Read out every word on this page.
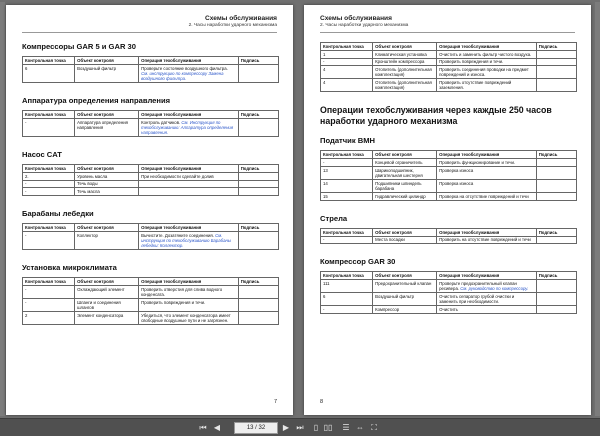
Схемы обслуживания
2. Часы наработки ударного механизма
Компрессоры GAR 5 и GAR 30
Контрольная точка	Объект контроля	Операция техобслуживания	Подпись
6	Воздушный фильтр	Проверьте состояние воздушного фильтра. См. инструкцию по компрессору Замена воздушного фильтра.	
Аппаратура определения направления
Контрольная точка	Объект контроля	Операция техобслуживания	Подпись
-	Аппаратура определения направления	Контроль датчиков. См. Инструкция по техобслуживанию: Аппаратура определения направления.	
Насос CAT
Контрольная точка	Объект контроля	Операция техобслуживания	Подпись
2.	Уровень масла	При необходимости сделайте долив	
-	Течь воды		
-	Течь масла		
Барабаны лебедки
Контрольная точка	Объект контроля	Операция техобслуживания	Подпись
-	Коллектор	Вычистите. Дозатяните соединения. См. инструкция по техобслуживанию Барабаны лебедки: Коллектор.	
Установка микроклимата
Контрольная точка	Объект контроля	Операция техобслуживания	Подпись
-	Охлаждающий элемент	Проверить отверстия для слива водного конденсата.	
-	Шланги и соединения шлангов	Проверить повреждения и течи.	
2	Элемент конденсатора	Убедиться, что элемент конденсатора имеет свободные воздушные пути и не загрязнен.	
7
Схемы обслуживания
2. Часы наработки ударного механизма
Контрольная точка	Объект контроля	Операция техобслуживания	Подпись
1	Климатическая установка	Очистить и заменить фильтр чистого воздуха.	
-	Кронштейн компрессора	Проверить повреждения и течи.	
4	Отопитель (дополнительная комплектация)	Проверить соединения проводки на предмет повреждений и износа.	
4	Отопитель (дополнительная комплектация)	Проверить отсутствие повреждений заземления.	
Операции техобслуживания через каждые 250 часов наработки ударного механизма
Податчик ВМН
Контрольная точка	Объект контроля	Операция техобслуживания	Подпись
-	Концевой ограничитель	Проверить функционирование и течи.	
13	Шарикоподшипник, двигательная шестерня	Проверка износа	
14	Подшипники шпиндель барабана	Проверка износа	
15	Гидравлический цилиндр	Проверка на отсутствие повреждений и течи	
Стрела
Контрольная точка	Объект контроля	Операция техобслуживания	Подпись
-	Места посадки	Проверить на отсутствие повреждений и течи	
Компрессор GAR 30
Контрольная точка	Объект контроля	Операция техобслуживания	Подпись
111	Предохранительный клапан	Проверьте предохранительный клапан ресивера. См. руководство по компрессору.	
6	Воздушный фильтр	Очистить сепаратор грубой очистки и заменить при необходимости.	
-	Компрессор	Очистить	
8
⏮ ◀	13 / 32	▶ ⏭	▯ ▯▯ ☰ ⇔ ⛶
